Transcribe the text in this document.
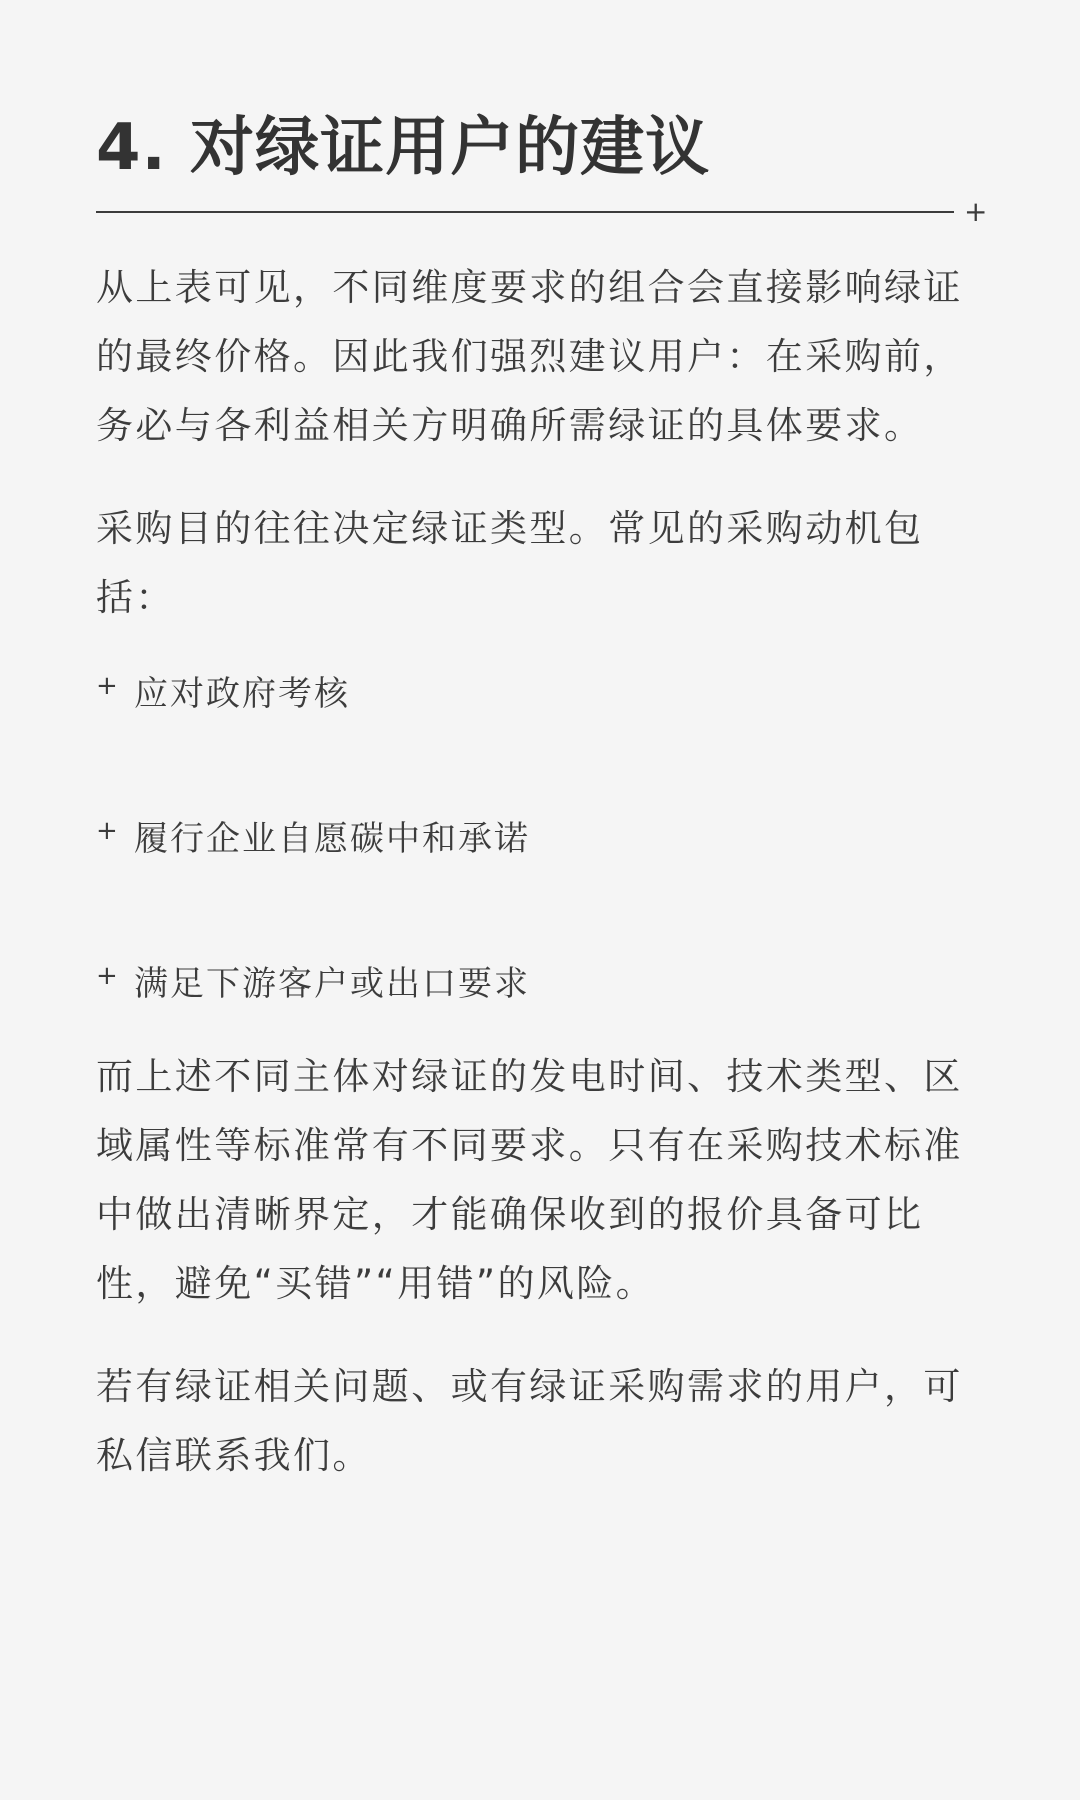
4. 对绿证用户的建议
+

从上表可见，不同维度要求的组合会直接影响绿证的最终价格。因此我们强烈建议用户：在采购前，务必与各利益相关方明确所需绿证的具体要求。

采购目的往往决定绿证类型。常见的采购动机包括：

+ 应对政府考核
+ 履行企业自愿碳中和承诺
+ 满足下游客户或出口要求

而上述不同主体对绿证的发电时间、技术类型、区域属性等标准常有不同要求。只有在采购技术标准中做出清晰界定，才能确保收到的报价具备可比性，避免“买错”“用错”的风险。

若有绿证相关问题、或有绿证采购需求的用户，可私信联系我们。
